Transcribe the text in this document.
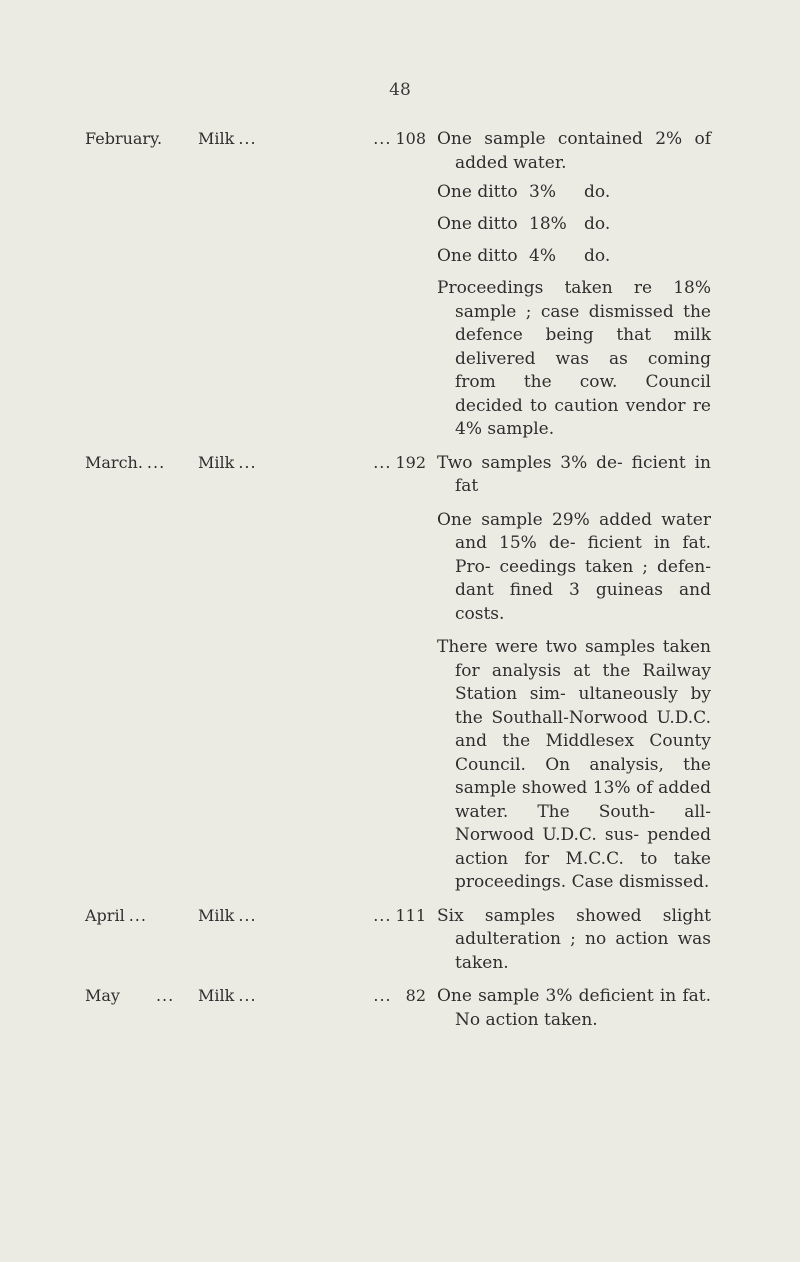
48
February. Milk ...	... 108 One sample contained 2% of added water.
One ditto 3% do.
One ditto 18% do.
One ditto 4% do.
Proceedings taken re 18% sample ; case dismissed the defence being that milk delivered was as coming from the cow. Council decided to caution vendor re 4% sample.
March. ... Milk ...	... 192 Two samples 3% de- ficient in fat
One sample 29% added water and 15% de- ficient in fat. Pro- ceedings taken ; defen- dant fined 3 guineas and costs.
There were two samples taken for analysis at the Railway Station sim- ultaneously by the Southall-Norwood U.D.C. and the Middlesex County Council. On analysis, the sample showed 13% of added water. The South- all-Norwood U.D.C. sus- pended action for M.C.C. to take proceedings. Case dismissed.
April ...	Milk ...	... 111 Six samples showed slight adulteration ; no action was taken.
May ... Milk ...	... 82 One sample 3% deficient in fat. No action taken.
